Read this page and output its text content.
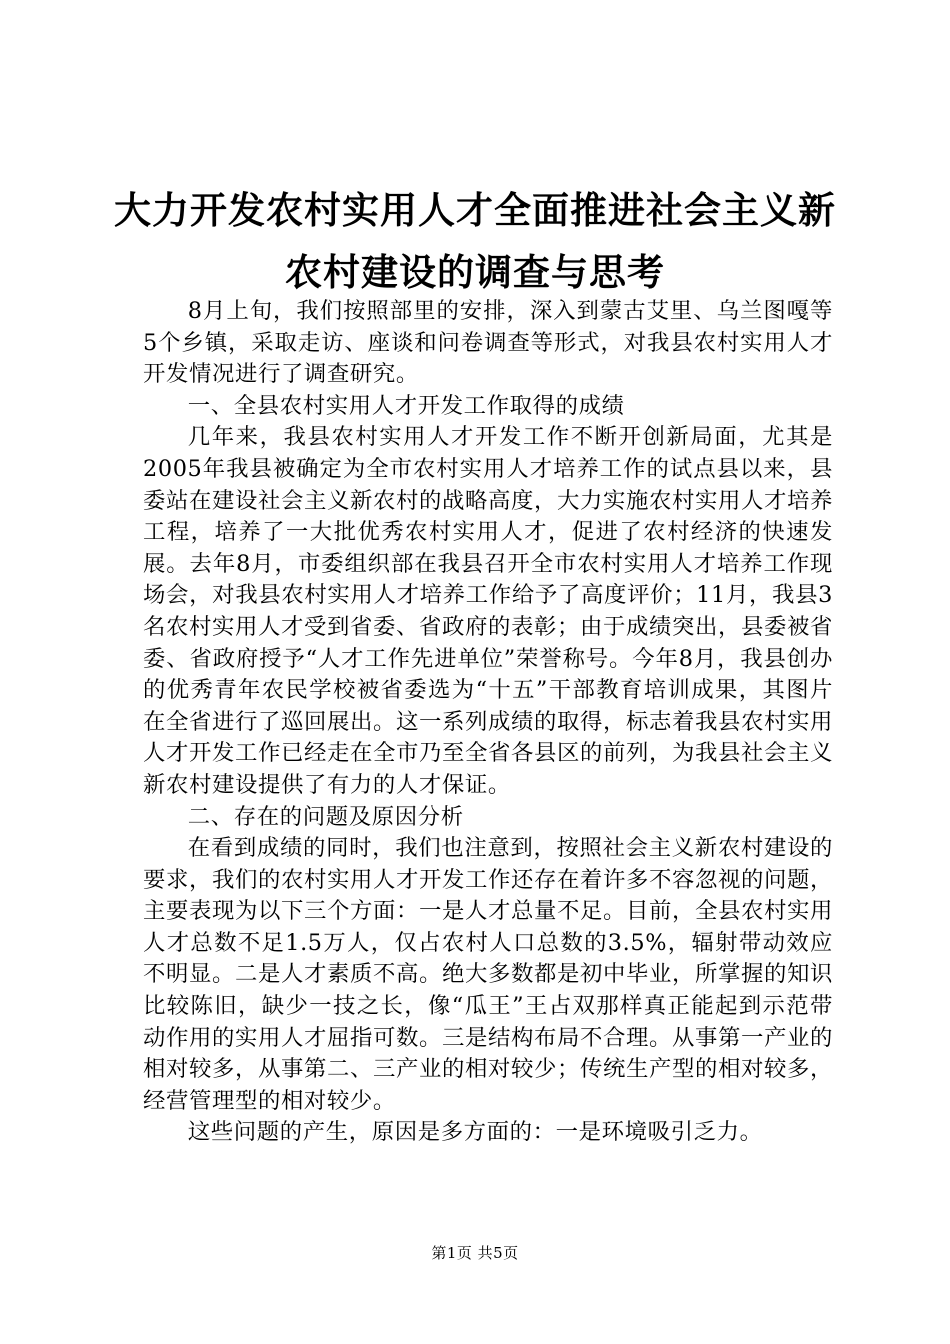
大力开发农村实用人才全面推进社会主义新农村建设的调查与思考

8月上旬，我们按照部里的安排，深入到蒙古艾里、乌兰图嘎等5个乡镇，采取走访、座谈和问卷调查等形式，对我县农村实用人才开发情况进行了调查研究。

一、全县农村实用人才开发工作取得的成绩

几年来，我县农村实用人才开发工作不断开创新局面，尤其是2005年我县被确定为全市农村实用人才培养工作的试点县以来，县委站在建设社会主义新农村的战略高度，大力实施农村实用人才培养工程，培养了一大批优秀农村实用人才，促进了农村经济的快速发展。去年8月，市委组织部在我县召开全市农村实用人才培养工作现场会，对我县农村实用人才培养工作给予了高度评价；11月，我县3名农村实用人才受到省委、省政府的表彰；由于成绩突出，县委被省委、省政府授予“人才工作先进单位”荣誉称号。今年8月，我县创办的优秀青年农民学校被省委选为“十五”干部教育培训成果，其图片在全省进行了巡回展出。这一系列成绩的取得，标志着我县农村实用人才开发工作已经走在全市乃至全省各县区的前列，为我县社会主义新农村建设提供了有力的人才保证。

二、存在的问题及原因分析

在看到成绩的同时，我们也注意到，按照社会主义新农村建设的要求，我们的农村实用人才开发工作还存在着许多不容忽视的问题，主要表现为以下三个方面：一是人才总量不足。目前，全县农村实用人才总数不足1.5万人，仅占农村人口总数的3.5%，辐射带动效应不明显。二是人才素质不高。绝大多数都是初中毕业，所掌握的知识比较陈旧，缺少一技之长，像“瓜王”王占双那样真正能起到示范带动作用的实用人才屈指可数。三是结构布局不合理。从事第一产业的相对较多，从事第二、三产业的相对较少；传统生产型的相对较多，经营管理型的相对较少。

这些问题的产生，原因是多方面的：一是环境吸引乏力。

第1页 共5页
